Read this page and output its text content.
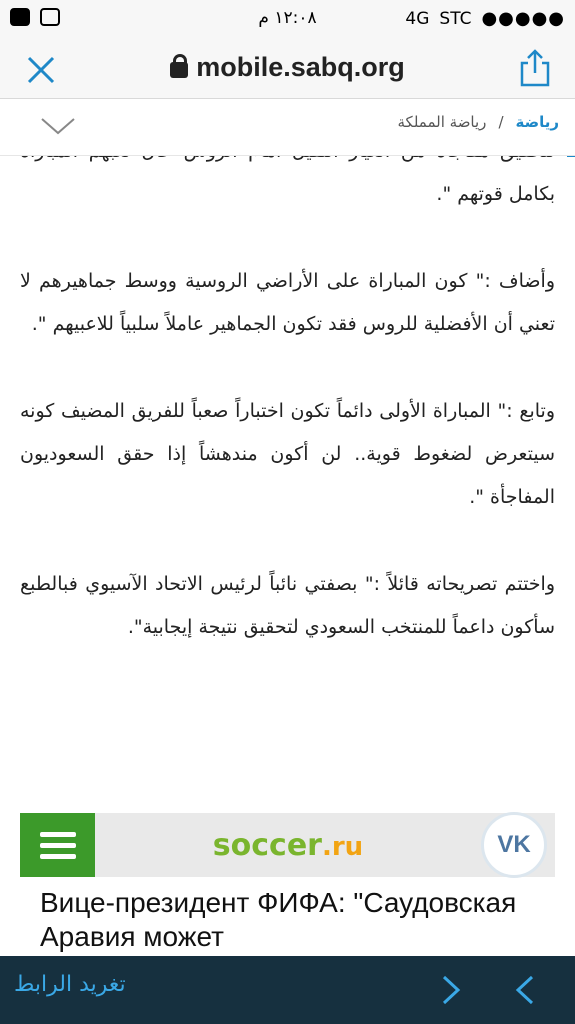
١٢:٠٨ م	4G STC ●●●●●
mobile.sabq.org
رياضة
/
رياضة المملكة

بكامل قوتهم ".

وأضاف :" كون المباراة على الأراضي الروسية ووسط جماهيرهم لا تعني أن الأفضلية للروس فقد تكون الجماهير عاملاً سلبياً للاعبيهم ".

وتابع :" المباراة الأولى دائماً تكون اختباراً صعباً للفريق المضيف كونه سيتعرض لضغوط قوية.. لن أكون مندهشاً إذا حقق السعوديون المفاجأة ".

واختتم تصريحاته قائلاً :" بصفتي نائباً لرئيس الاتحاد الآسيوي فبالطبع سأكون داعماً للمنتخب السعودي لتحقيق نتيجة إيجابية".

soccer.ru	VK
Вице-президент ФИФА: "Саудовская Аравия может
تغريد الرابط
